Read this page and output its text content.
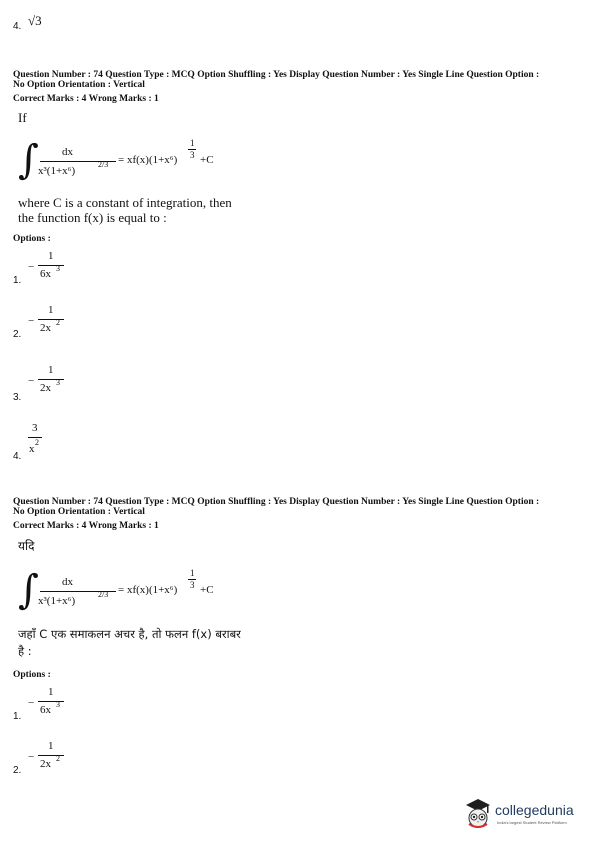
4. √3
Question Number : 74 Question Type : MCQ Option Shuffling : Yes Display Question Number : Yes Single Line Question Option :
No Option Orientation : Vertical
Correct Marks : 4 Wrong Marks : 1
If
∫ dx
x³(1+x⁶)
2/3 = xf(x)(1+x⁶)
1
3 +C
where C is a constant of integration, then
the function f(x) is equal to :
Options :
1.
−
1
6x 3
2.
−
1
2x 2
3.
−
1
2x 3
4.
3
x
2
Question Number : 74 Question Type : MCQ Option Shuffling : Yes Display Question Number : Yes Single Line Question Option :
No Option Orientation : Vertical
Correct Marks : 4 Wrong Marks : 1
यदि
∫ dx
x³(1+x⁶)
2/3 = xf(x)(1+x⁶)
1
3 +C
जहाँ C एक समाकलन अचर है, तो फलन f(x) बराबर
है :
Options :
1.
−
1
6x 3
2.
−
1
2x 2
collegedunia
India's largest Student Review Platform
